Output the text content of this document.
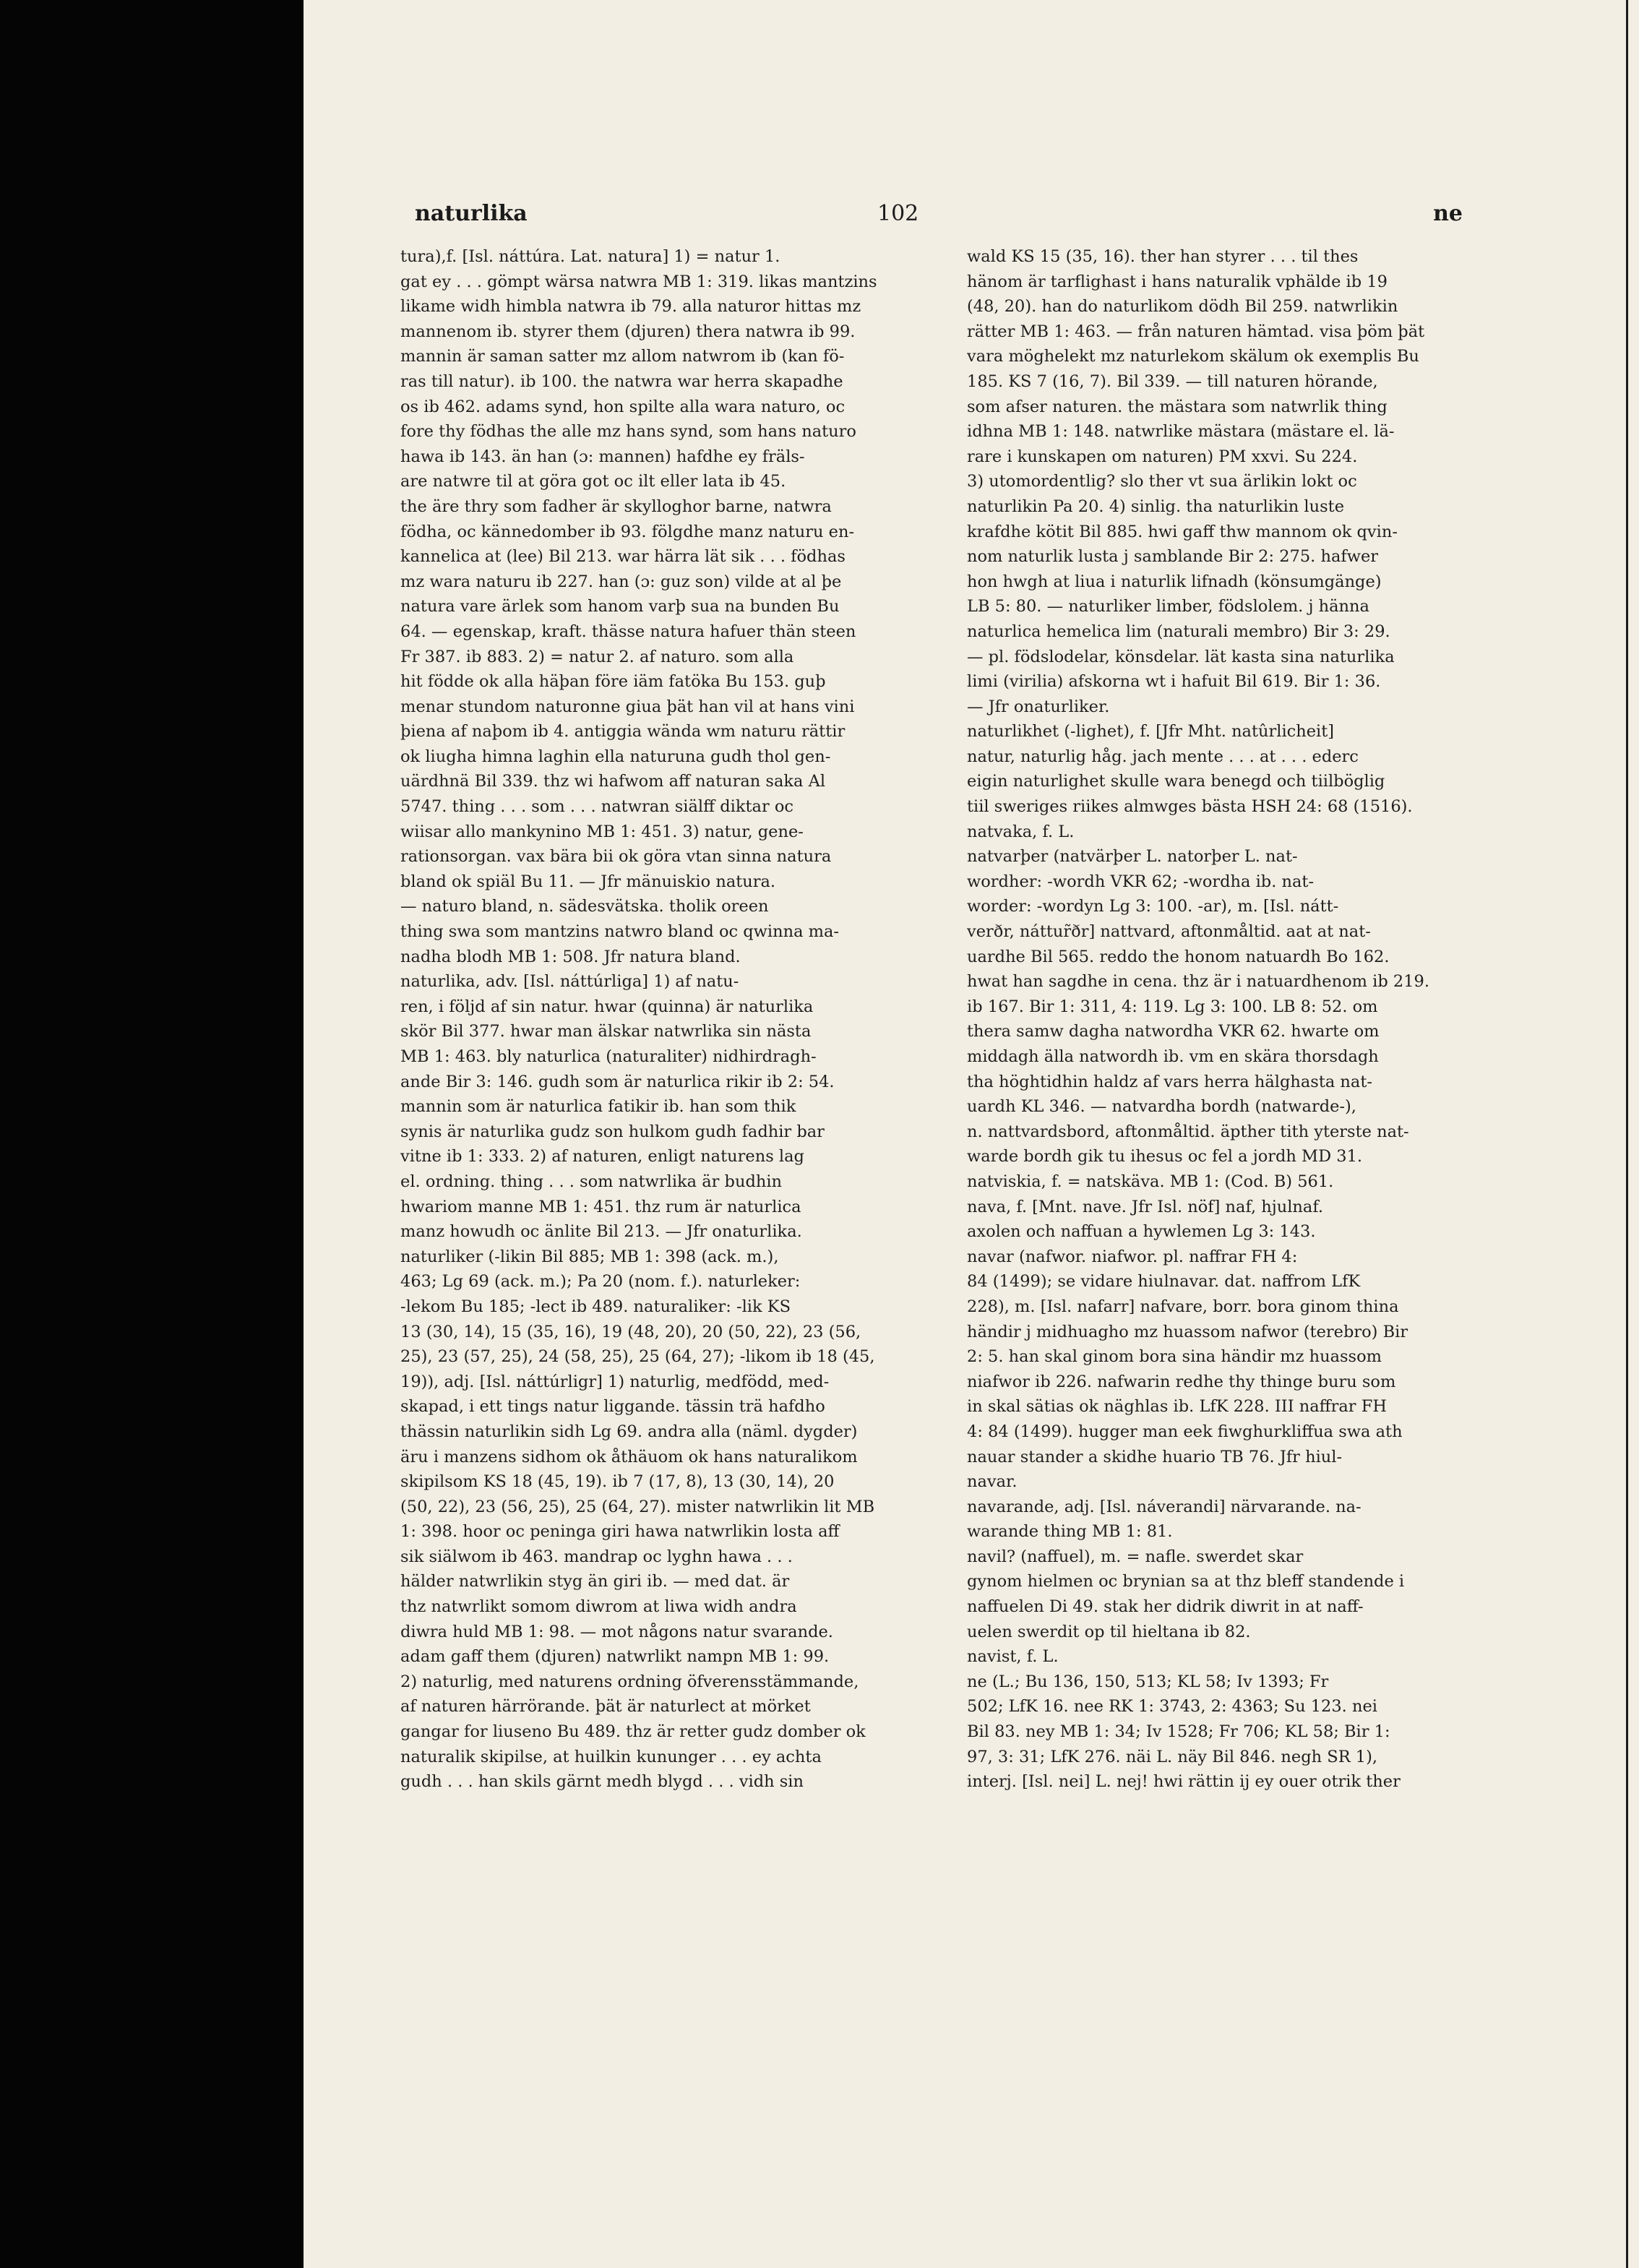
naturlika	102	ne
tura),f. [Isl. náttúra. Lat. natura] 1) = natur 1.
gat ey . . . gömpt wärsa natwra MB 1: 319. likas mantzins
likame widh himbla natwra ib 79. alla naturor hittas mz
mannenom ib. styrer them (djuren) thera natwra ib 99.
mannin är saman satter mz allom natwrom ib (kan fö-
ras till natur). ib 100. the natwra war herra skapadhe
os ib 462. adams synd, hon spilte alla wara naturo, oc
fore thy födhas the alle mz hans synd, som hans naturo
hawa ib 143. än han (ɔ: mannen) hafdhe ey fräls-
are natwre til at göra got oc ilt eller lata ib 45.
the äre thry som fadher är skylloghor barne, natwra
födha, oc kännedomber ib 93. fölgdhe manz naturu en-
kannelica at (lee) Bil 213. war härra lät sik . . . födhas
mz wara naturu ib 227. han (ɔ: guz son) vilde at al þe
natura vare ärlek som hanom varþ sua na bunden Bu
64. — egenskap, kraft. thässe natura hafuer thän steen
Fr 387. ib 883. 2) = natur 2. af naturo. som alla
hit födde ok alla häþan före iäm fatöka Bu 153. guþ
menar stundom naturonne giua þät han vil at hans vini
þiena af naþom ib 4. antiggia wända wm naturu rättir
ok liugha himna laghin ella naturuna gudh thol gen-
uärdhnä Bil 339. thz wi hafwom aff naturan saka Al
5747. thing . . . som . . . natwran siälff diktar oc
wiisar allo mankynino MB 1: 451. 3) natur, gene-
rationsorgan. vax bära bii ok göra vtan sinna natura
bland ok spiäl Bu 11. — Jfr mänuiskio natura.
— naturo bland, n. sädesvätska. tholik oreen
thing swa som mantzins natwro bland oc qwinna ma-
nadha blodh MB 1: 508. Jfr natura bland.
naturlika, adv. [Isl. náttúrliga] 1) af natu-
ren, i följd af sin natur. hwar (quinna) är naturlika
skör Bil 377. hwar man älskar natwrlika sin nästa
MB 1: 463. bly naturlica (naturaliter) nidhirdragh-
ande Bir 3: 146. gudh som är naturlica rikir ib 2: 54.
mannin som är naturlica fatikir ib. han som thik
synis är naturlika gudz son hulkom gudh fadhir bar
vitne ib 1: 333. 2) af naturen, enligt naturens lag
el. ordning. thing . . . som natwrlika är budhin
hwariom manne MB 1: 451. thz rum är naturlica
manz howudh oc änlite Bil 213. — Jfr onaturlika.
naturliker (-likin Bil 885; MB 1: 398 (ack. m.),
463; Lg 69 (ack. m.); Pa 20 (nom. f.). naturleker:
-lekom Bu 185; -lect ib 489. naturaliker: -lik KS
13 (30, 14), 15 (35, 16), 19 (48, 20), 20 (50, 22), 23 (56,
25), 23 (57, 25), 24 (58, 25), 25 (64, 27); -likom ib 18 (45,
19)), adj. [Isl. náttúrligr] 1) naturlig, medfödd, med-
skapad, i ett tings natur liggande. tässin trä hafdho
thässin naturlikin sidh Lg 69. andra alla (näml. dygder)
äru i manzens sidhom ok åthäuom ok hans naturalikom
skipilsom KS 18 (45, 19). ib 7 (17, 8), 13 (30, 14), 20
(50, 22), 23 (56, 25), 25 (64, 27). mister natwrlikin lit MB
1: 398. hoor oc peninga giri hawa natwrlikin losta aff
sik siälwom ib 463. mandrap oc lyghn hawa . . .
hälder natwrlikin styg än giri ib. — med dat. är
thz natwrlikt somom diwrom at liwa widh andra
diwra huld MB 1: 98. — mot någons natur svarande.
adam gaff them (djuren) natwrlikt nampn MB 1: 99.
2) naturlig, med naturens ordning öfverensstämmande,
af naturen härrörande. þät är naturlect at mörket
gangar for liuseno Bu 489. thz är retter gudz domber ok
naturalik skipilse, at huilkin kununger . . . ey achta
gudh . . . han skils gärnt medh blygd . . . vidh sin
wald KS 15 (35, 16). ther han styrer . . . til thes
hänom är tarflighast i hans naturalik vphälde ib 19
(48, 20). han do naturlikom dödh Bil 259. natwrlikin
rätter MB 1: 463. — från naturen hämtad. visa þöm þät
vara möghelekt mz naturlekom skälum ok exemplis Bu
185. KS 7 (16, 7). Bil 339. — till naturen hörande,
som afser naturen. the mästara som natwrlik thing
idhna MB 1: 148. natwrlike mästara (mästare el. lä-
rare i kunskapen om naturen) PM xxvi. Su 224.
3) utomordentlig? slo ther vt sua ärlikin lokt oc
naturlikin Pa 20. 4) sinlig. tha naturlikin luste
krafdhe kötit Bil 885. hwi gaff thw mannom ok qvin-
nom naturlik lusta j samblande Bir 2: 275. hafwer
hon hwgh at liua i naturlik lifnadh (könsumgänge)
LB 5: 80. — naturliker limber, födslolem. j hänna
naturlica hemelica lim (naturali membro) Bir 3: 29.
— pl. födslodelar, könsdelar. lät kasta sina naturlika
limi (virilia) afskorna wt i hafuit Bil 619. Bir 1: 36.
— Jfr onaturliker.
naturlikhet (-lighet), f. [Jfr Mht. natûrlicheit]
natur, naturlig håg. jach mente . . . at . . . ederс
eigin naturlighet skulle wara benegd och tiilböglig
tiil sweriges riikes almwges bästa HSH 24: 68 (1516).
natvaka, f. L.
natvarþer (natvärþer L. natorþer L. nat-
wordher: -wordh VKR 62; -wordha ib. nat-
worder: -wordyn Lg 3: 100. -ar), m. [Isl. nátt-
verðr, náttur̃ðr] nattvard, aftonmåltid. aat at nat-
uardhe Bil 565. reddo the honom natuardh Bo 162.
hwat han sagdhe in cena. thz är i natuardhenom ib 219.
ib 167. Bir 1: 311, 4: 119. Lg 3: 100. LB 8: 52. om
thera samw dagha natwordha VKR 62. hwarte om
middagh älla natwordh ib. vm en skära thorsdagh
tha höghtidhin haldz af vars herra hälghasta nat-
uardh KL 346. — natvardha bordh (natwarde-),
n. nattvardsbord, aftonmåltid. äpther tith yterste nat-
warde bordh gik tu ihesus oc fel a jordh MD 31.
natviskia, f. = natskäva. MB 1: (Cod. B) 561.
nava, f. [Mnt. nave. Jfr Isl. nöf] naf, hjulnaf.
axolen och naffuan a hywlemen Lg 3: 143.
navar (nafwor. niafwor. pl. naffrar FH 4:
84 (1499); se vidare hiulnavar. dat. naffrom LfK
228), m. [Isl. nafarr] nafvare, borr. bora ginom thina
händir j midhuagho mz huassom nafwor (terebro) Bir
2: 5. han skal ginom bora sina händir mz huassom
niafwor ib 226. nafwarin redhe thy thinge buru som
in skal sätias ok näghlas ib. LfK 228. III naffrar FH
4: 84 (1499). hugger man eek fiwghurkliffua swa ath
nauar stander a skidhe huario TB 76. Jfr hiul-
navar.
navarande, adj. [Isl. náverandi] närvarande. na-
warande thing MB 1: 81.
navil? (naffuel), m. = nafle. swerdet skar
gynom hielmen oc brynian sa at thz bleff standende i
naffuelen Di 49. stak her didrik diwrit in at naff-
uelen swerdit op til hieltana ib 82.
navist, f. L.
ne (L.; Bu 136, 150, 513; KL 58; Iv 1393; Fr
502; LfK 16. nee RK 1: 3743, 2: 4363; Su 123. nei
Bil 83. ney MB 1: 34; Iv 1528; Fr 706; KL 58; Bir 1:
97, 3: 31; LfK 276. näi L. näy Bil 846. negh SR 1),
interj. [Isl. nei] L. nej! hwi rättin ij ey ouer otrik ther
